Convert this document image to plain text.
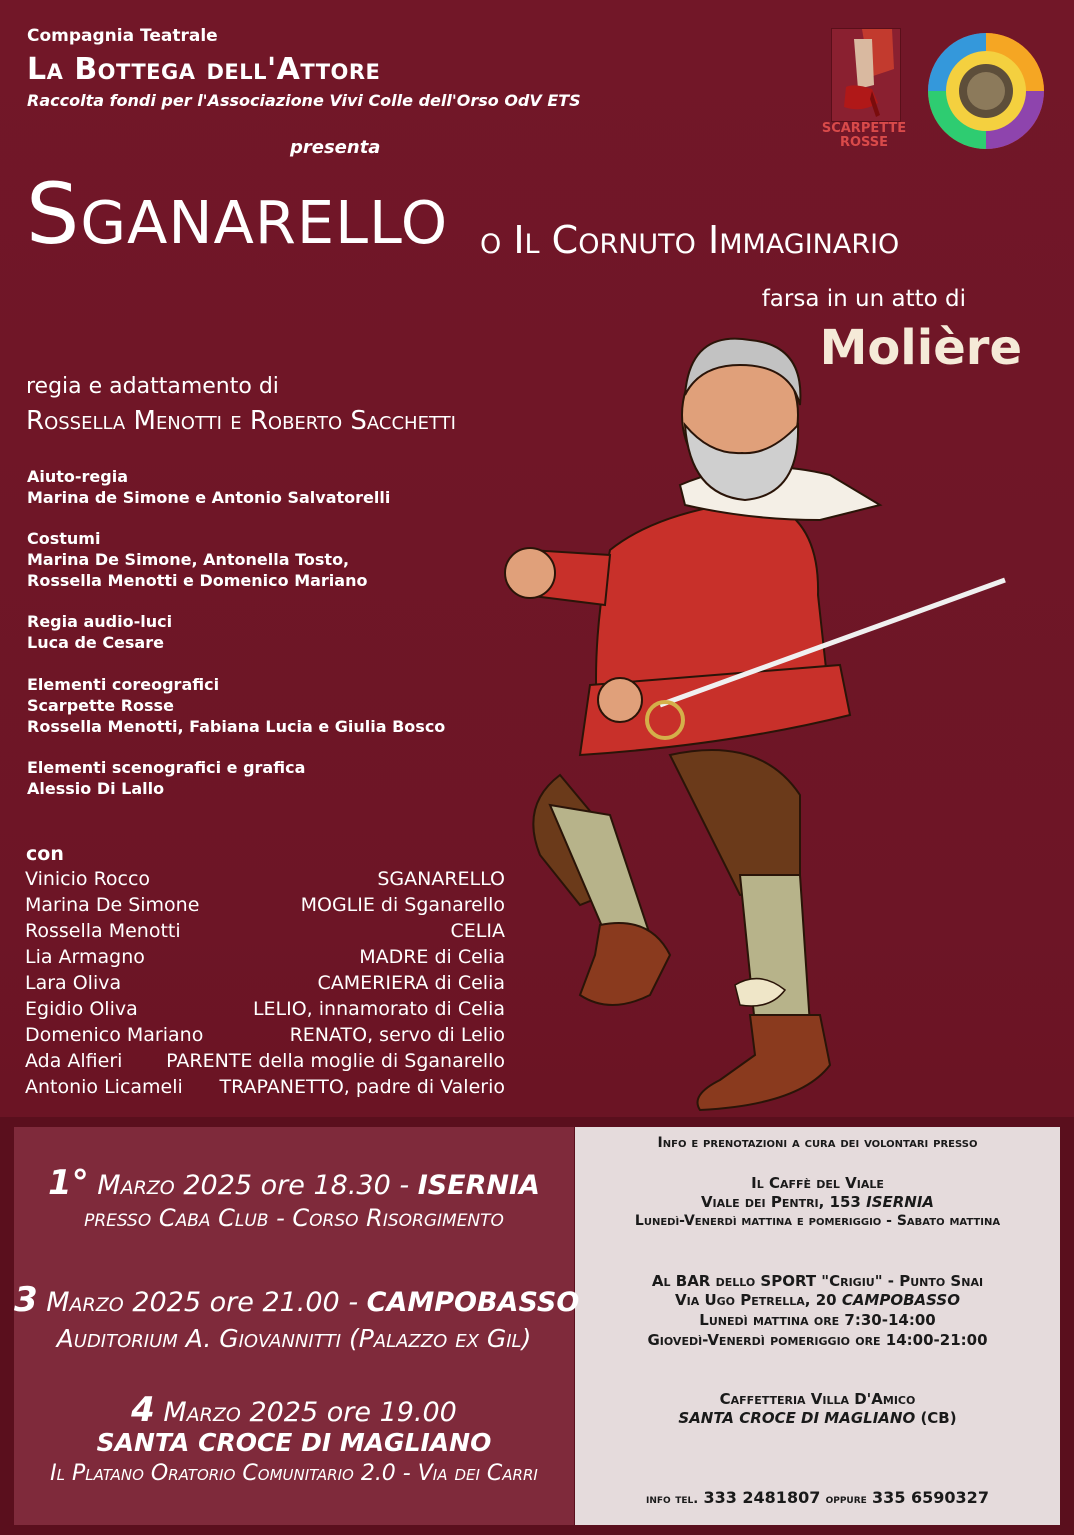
Compagnia Teatrale
La Bottega dell'Attore
Raccolta fondi per l'Associazione Vivi Colle dell'Orso OdV ETS
presenta
SCARPETTE
ROSSE
Sganarello o Il Cornuto Immaginario
farsa in un atto di
Molière
regia e adattamento di
Rossella Menotti e Roberto Sacchetti
Aiuto-regia
Marina de Simone e Antonio Salvatorelli
Costumi
Marina De Simone, Antonella Tosto,
Rossella Menotti e Domenico Mariano
Regia audio-luci
Luca de Cesare
Elementi coreografici
Scarpette Rosse
Rossella Menotti, Fabiana Lucia e Giulia Bosco
Elementi scenografici e grafica
Alessio Di Lallo
con
Vinicio Rocco	SGANARELLO
Marina De Simone	MOGLIE di Sganarello
Rossella Menotti	CELIA
Lia Armagno	MADRE di Celia
Lara Oliva	CAMERIERA di Celia
Egidio Oliva	LELIO, innamorato di Celia
Domenico Mariano	RENATO, servo di Lelio
Ada Alfieri PARENTE della moglie di Sganarello
Antonio Licameli TRAPANETTO, padre di Valerio
1° Marzo 2025 ore 18.30 - ISERNIA
presso Caba Club - Corso Risorgimento
3 Marzo 2025 ore 21.00 - CAMPOBASSO
Auditorium A. Giovannitti (Palazzo ex Gil)
4 Marzo 2025 ore 19.00
SANTA CROCE DI MAGLIANO
Il Platano Oratorio Comunitario 2.0 - Via dei Carri
Info e prenotazioni a cura dei volontari presso
Il Caffè del Viale
Viale dei Pentri, 153 ISERNIA
Lunedì-Venerdì mattina e pomeriggio - Sabato mattina
Al BAR dello SPORT "Crigiu" - Punto Snai
Via Ugo Petrella, 20 CAMPOBASSO
Lunedì mattina ore 7:30-14:00
Giovedì-Venerdì pomeriggio ore 14:00-21:00
Caffetteria Villa D'Amico
SANTA CROCE DI MAGLIANO (CB)
info tel. 333 2481807 oppure 335 6590327
